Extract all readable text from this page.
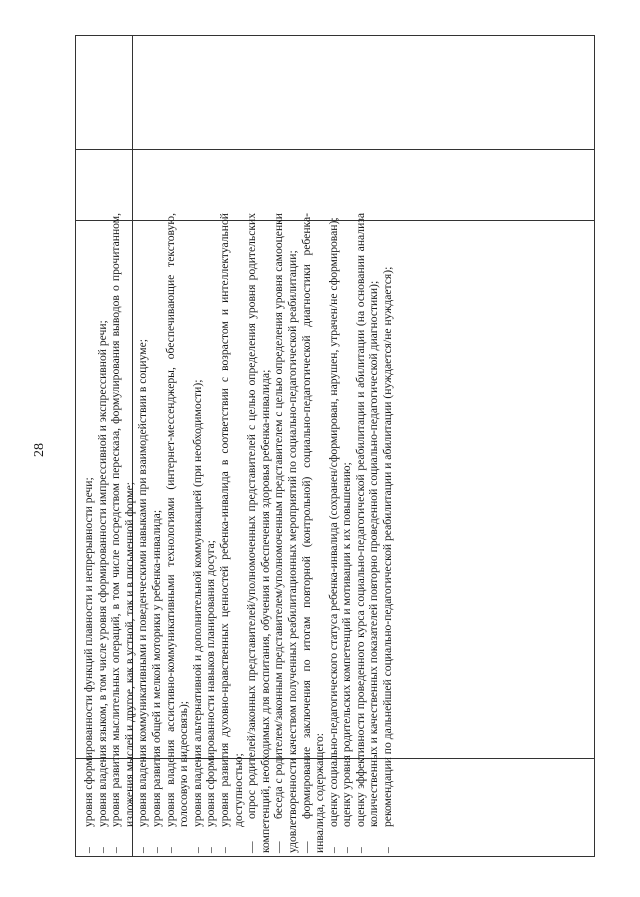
28
–
уровня сформированности функций плавности и непрерывности речи;
–
уровня владения языком, в том числе уровня сформированности импрессивной и экспрессивной речи;
–
уровня развития мыслительных операций, в том числе посредством пересказа, формулирования выводов о прочитанном, изложения мыслей и другое, как в устной, так и в письменной форме;
–
уровня владения коммуникативными и поведенческими навыками при взаимодействии в социуме;
–
уровня развития общей и мелкой моторики у ребенка-инвалида;
–
уровня владения ассистивно-коммуникативными технологиями (интернет-мессенджеры, обеспечивающие текстовую, голосовую и видеосвязь);
–
уровня владения альтернативной и дополнительной коммуникацией (при необходимости);
–
уровня сформированности навыков планирования досуга;
–
уровня развития духовно-нравственных ценностей ребенка-инвалида в соответствии с возрастом и интеллектуальной доступностью;
—опрос родителей/законных представителей/уполномоченных представителей с целью определения уровня родительских компетенций, необходимых для воспитания, обучения и обеспечения здоровья ребенка-инвалида; —беседа с родителем/законным представителем/уполномоченным представителем с целью определения уровня самооценки удовлетворенности качеством полученных реабилитационных мероприятий по социально-педагогической реабилитации; —формирование заключения по итогам повторной (контрольной) социально-педагогической диагностики ребенка-инвалида, содержащего: –
оценку социально-педагогического статуса ребенка-инвалида (сохранен/сформирован, нарушен, утрачен/не сформирован);
–
оценку уровня родительских компетенций и мотивации к их повышению;
–
оценку эффективности проведенного курса социально-педагогической реабилитации и абилитации (на основании анализа количественных и качественных показателей повторно проведенной социально-педагогической диагностики);
–
рекомендации по дальнейшей социально-педагогической реабилитации и абилитации (нуждается/не нуждается);
